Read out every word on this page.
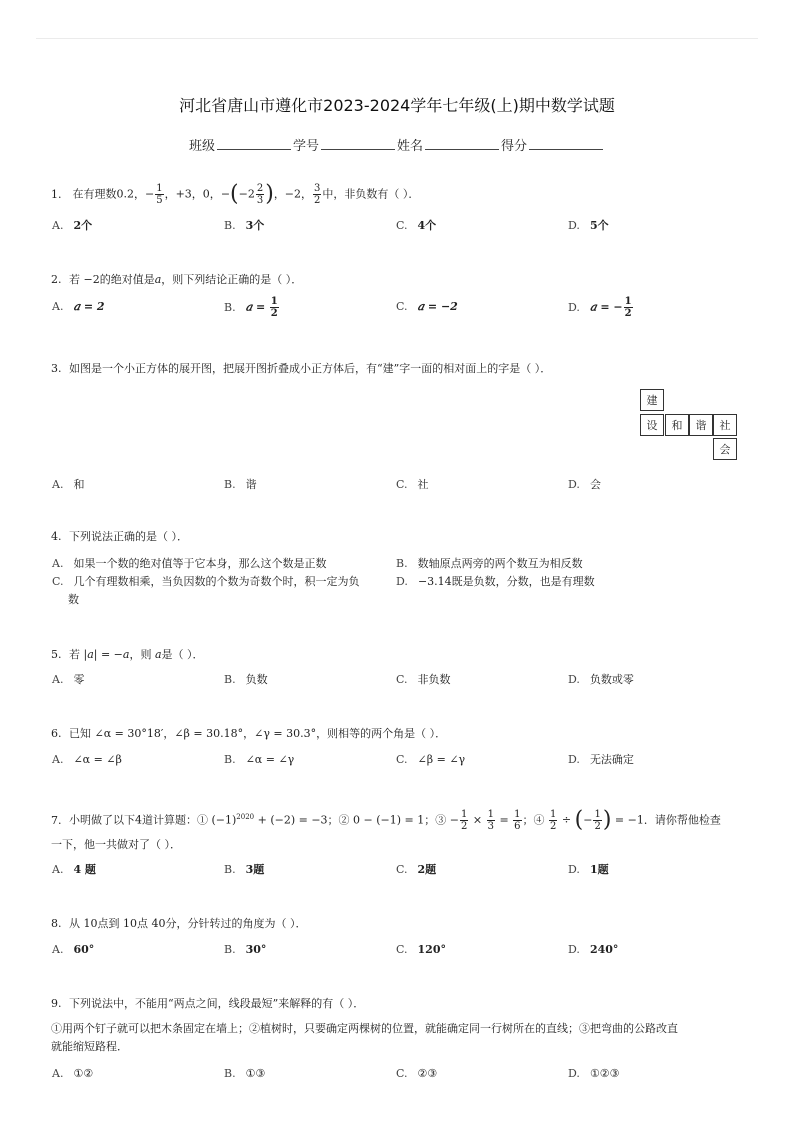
河北省唐山市遵化市2023-2024学年七年级(上)期中数学试题
班级	学号	姓名	得分
1. 在有理数0.2，− $\frac{1}{5}$ ，+3，0，$-(-2 \frac{2}{3}$ )，−2， $\frac{3}{2}$ 中，非负数有（ ）．
A. 2个	B. 3个	C. 4个	D. 5个
2. 若 −2的绝对值是𝑎，则下列结论正确的是（ ）．
A. 𝑎 = 2	B. 𝑎 = $\frac{1}{2}$	C. 𝑎 = −2	D. 𝑎 = − $\frac{1}{2}$
3. 如图是一个小正方体的展开图，把展开图折叠成小正方体后，有“建”字一面的相对面上的字是（ ）．
建
设	和	谐	社
会
A. 和	B. 谐	C. 社	D. 会
4. 下列说法正确的是（ ）．
A. 如果一个数的绝对值等于它本身，那么这个数是正数	B. 数轴原点两旁的两个数互为相反数
C. 几个有理数相乘，当负因数的个数为奇数个时，积一定为负
数
D. −3.14既是负数，分数，也是有理数
5. 若 |𝑎| = −𝑎，则 𝑎是（ ）．
A. 零	B. 负数	C. 非负数	D. 负数或零
6. 已知 ∠α = 30°18′，∠β = 30.18°，∠γ = 30.3°，则相等的两个角是（ ）．
A. ∠α = ∠β	B. ∠α = ∠γ	C. ∠β = ∠γ	D. 无法确定
7. 小明做了以下4道计算题：① $(-1)^{2020} + (-2) = -3$；② 0 − (−1) = 1；③ − $\frac{1}{2} \times \frac{1}{3} = \frac{1}{6}$ ；④ $\frac{1}{2}$ ÷ (− $\frac{1}{2}$ ) = −1．请你帮他检查
一下，他一共做对了（ ）．
A. 4 题	B. 3题	C. 2题	D. 1题
8. 从 10点到 10点 40分，分针转过的角度为（ ）．
A. 60°	B. 30°	C. 120°	D. 240°
9. 下列说法中，不能用“两点之间，线段最短”来解释的有（ ）．
①用两个钉子就可以把木条固定在墙上；②植树时，只要确定两棵树的位置，就能确定同一行树所在的直线；③把弯曲的公路改直
就能缩短路程．
A. ①②	B. ①③	C. ②③	D. ①②③
